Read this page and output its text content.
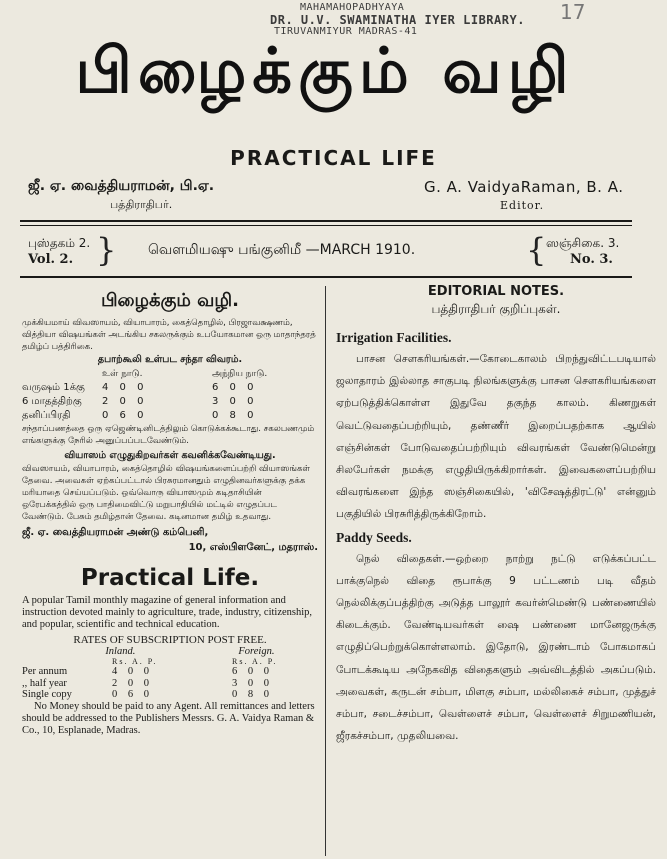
MAHAMAHOPADHYAYA
DR. U.V. SWAMINATHA IYER LIBRARY.
TIRUVANMIYUR MADRAS-41
17
பிழைக்கும் வழி
PRACTICAL LIFE
ஜீ. ஏ. வைத்தியராமன், பி.ஏ.
பத்திராதிபர்.
G. A. VaidyaRaman, B. A.
Editor.
புஸ்தகம் 2.
Vol. 2. } வௌமியஷு பங்குனிமீ —MARCH 1910.	{ ஸஞ்சிகை. 3.
No. 3.
பிழைக்கும் வழி.

முக்கியமாய் விவஸாயம், வியாபாரம், கைத்தொழில், பிரஜாவக்ஷணம், வித்தியா விஷயங்கள் அடங்கிய சகலருக்கும் உபயோகமான ஒரு மாதாந்தரத் தமிழ்ப் பத்திரிகை.

தபாற்கூலி உள்பட சந்தா விவரம்.
உள் நாடு.	அந்நிய நாடு.
வருஷம் 1க்கு	4 0 0	6 0 0
6 மாதத்திற்கு	2 0 0	3 0 0
தனிப்பிரதி	0 6 0	0 8 0

சந்தாப்பணத்தை ஒரு ஏஜெண்டினிடத்திலும் கொடுக்கக்கூடாது. சகலபணமும் எங்களுக்கு நேரில் அனுப்பப்படவேண்டும்.

வியாஸம் எழுதுகிறவர்கள் கவனிக்கவேண்டியது.

விவஸாயம், வியாபாரம், கைத்தொழில் விஷயங்களைப்பற்றி வியாஸங்கள் தேவை. அவைகள் ஏற்கப்பட்டால் பிரசுரமானதும் எழுதினவர்களுக்கு தக்க மரியாதை செய்யப்படும். ஒவ்வொரு வியாஸமும் கடிதாசியின் ஒரேபக்கத்தில் ஒரு பாதிமைவிட்டு மறுபாதியில் மட்டில் எழுதப்பட வேண்டும். பேசும் தமிழ்தான் தேவை. கடினமான தமிழ் உதவாது.

ஜீ. ஏ. வைத்தியராமன் அண்டு கம்பெனி,
10, எஸ்பிளனேட், மதராஸ்.
Practical Life.

A popular Tamil monthly magazine of general information and instruction devoted mainly to agriculture, trade, industry, citizenship, and popular, scientific and technical education.

RATES OF SUBSCRIPTION POST FREE.
Inland.	Foreign.
Rs. A. P.	Rs. A. P.
Per annum	4 0 0	6 0 0
,, half year	2 0 0	3 0 0
Single copy	0 6 0	0 8 0

No Money should be paid to any Agent. All remittances and letters should be addressed to the Publishers Messrs. G. A. Vaidya Raman & Co., 10, Esplanade, Madras.

EDITORIAL NOTES.
பத்திராதிபர் குறிப்புகள்.
Irrigation Facilities.

பாசன சௌகரியங்கள்.—கோடைகாலம் பிறந்துவிட்டபடியால் ஜலாதாரம் இல்லாத சாகுபடி நிலங்களுக்கு பாசன சௌகரியங்களை ஏற்படுத்திக்கொள்ள இதுவே தகுந்த காலம். கிணறுகள் வெட்டுவதைப்பற்றியும், தண்ணீர் இறைப்பதற்காக ஆயில் எஞ்சின்கள் போடுவதைப்பற்றியும் விவரங்கள் வேண்டுமென்று சிலபேர்கள் நமக்கு எழுதியிருக்கிறார்கள். இவைகளைப்பற்றிய விவரங்களை இந்த ஸஞ்சிகையில், 'விசேஷத்திரட்டு' என்னும் பகுதியில் பிரசுரித்திருக்கிறோம்.

Paddy Seeds.

நெல் விதைகள்.—ஒற்றை நாற்று நட்டு எடுக்கப்பட்ட பாக்குநெல் விதை ரூபாக்கு 9 பட்டணம் படி வீதம் நெல்லிக்குப்பத்திற்கு அடுத்த பாலூர் கவர்ன்மெண்டு பண்ணையில் கிடைக்கும். வேண்டியவர்கள் ஷை பண்ணை மானேஜருக்கு எழுதிப்பெற்றுக்கொள்ளலாம். இதோடு, இரண்டாம் போகமாகப் போடக்கூடிய அநேகவித விதைகளும் அவ்விடத்தில் அகப்படும். அவைகள், கருடன் சம்பா, மிளகு சம்பா, மல்லிகைச் சம்பா, முத்துச் சம்பா, சடைச்சம்பா, வெள்ளைச் சம்பா, வெள்ளைச் சிறுமணியன், ஜீரகச்சம்பா, முதலியவை.
